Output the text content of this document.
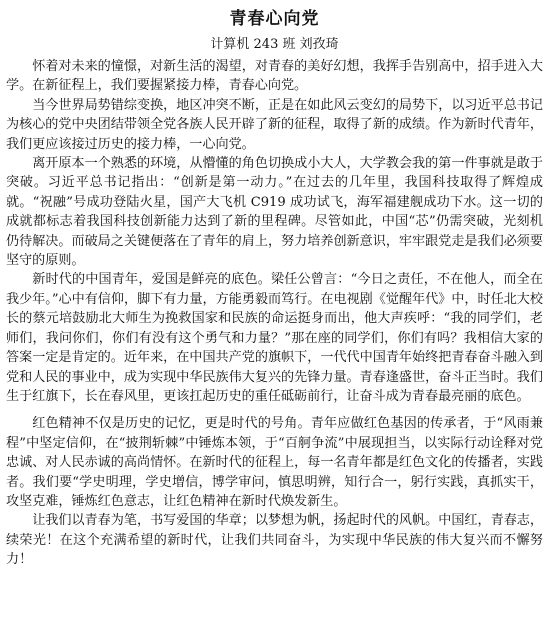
青春心向党
计算机 243 班 刘孜琦

怀着对未来的憧憬，对新生活的渴望，对青春的美好幻想，我挥手告别高中，招手进入大学。在新征程上，我们要握紧接力棒，青春心向党。

当今世界局势错综变换，地区冲突不断，正是在如此风云变幻的局势下，以习近平总书记为核心的党中央团结带领全党各族人民开辟了新的征程，取得了新的成绩。作为新时代青年，我们更应该接过历史的接力棒，一心向党。

离开原本一个熟悉的环境，从懵懂的角色切换成小大人，大学教会我的第一件事就是敢于突破。习近平总书记指出：“创新是第一动力。”在过去的几年里，我国科技取得了辉煌成就。“祝融”号成功登陆火星，国产大飞机 C919 成功试飞，海军福建舰成功下水。这一切的成就都标志着我国科技创新能力达到了新的里程碑。尽管如此，中国“芯”仍需突破，光刻机仍待解决。而破局之关键便落在了青年的肩上，努力培养创新意识，牢牢跟党走是我们必须要坚守的原则。

新时代的中国青年，爱国是鲜亮的底色。梁任公曾言：“今日之责任，不在他人，而全在我少年。”心中有信仰，脚下有力量，方能勇毅而笃行。在电视剧《觉醒年代》中，时任北大校长的蔡元培鼓励北大师生为挽救国家和民族的命运挺身而出，他大声疾呼：“我的同学们，老师们，我问你们，你们有没有这个勇气和力量？”那在座的同学们，你们有吗？我相信大家的答案一定是肯定的。近年来，在中国共产党的旗帜下，一代代中国青年始终把青春奋斗融入到党和人民的事业中，成为实现中华民族伟大复兴的先锋力量。青春逢盛世，奋斗正当时。我们生于红旗下，长在春风里，更该扛起历史的重任砥砺前行，让奋斗成为青春最亮丽的底色。

红色精神不仅是历史的记忆，更是时代的号角。青年应做红色基因的传承者，于“风雨兼程”中坚定信仰，在“披荆斩棘”中锤炼本领，于“百舸争流”中展现担当，以实际行动诠释对党忠诚、对人民赤诚的高尚情怀。在新时代的征程上，每一名青年都是红色文化的传播者，实践者。我们要“学史明理，学史增信，博学审问，慎思明辨，知行合一，躬行实践，真抓实干，攻坚克难，锤炼红色意志，让红色精神在新时代焕发新生。

让我们以青春为笔，书写爱国的华章；以梦想为帆，扬起时代的风帆。中国红，青春志，续荣光！在这个充满希望的新时代，让我们共同奋斗，为实现中华民族的伟大复兴而不懈努力！
